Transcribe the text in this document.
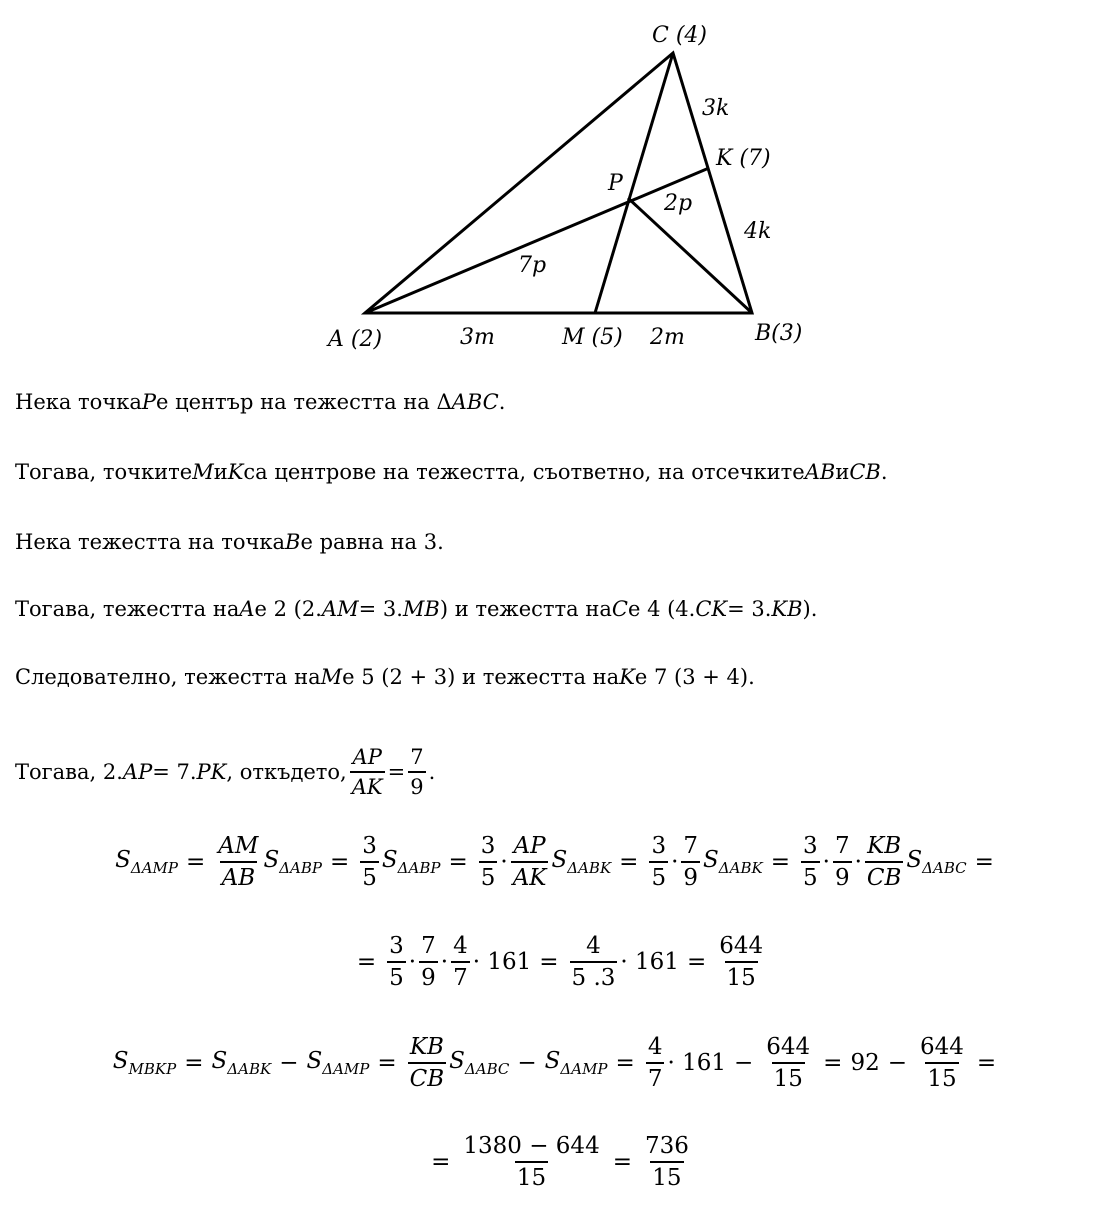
C (4)
3k
K (7)
P
2p
4k
7p
A (2)	3m	M (5) 2m	B(3)
Нека точка P е център на тежестта на Δ ABC .
Тогава, точките M и K са центрове на тежестта, съответно, на отсечките AB и CB .
Нека тежестта на точка B е равна на 3.
Тогава, тежестта на A е 2 (2. AM = 3. MB ) и тежестта на C е 4 (4. CK = 3. KB ).
Следователно, тежестта на M е 5 (2 + 3) и тежестта на K е 7 (3 + 4).
Тогава, 2. AP = 7. PK , откъдето, $\frac{AP}{AK} = \frac{7}{9}$ .
$S_{\Delta AMP} = \frac{AM}{AB} S_{\Delta ABP} = \frac{3}{5} S_{\Delta ABP} = \frac{3}{5} \cdot \frac{AP}{AK} S_{\Delta ABK} = \frac{3}{5} \cdot \frac{7}{9} S_{\Delta ABK} = \frac{3}{5} \cdot \frac{7}{9} \cdot \frac{KB}{CB} S_{\Delta ABC}$ =
= $\frac{3}{5} \cdot \frac{7}{9} \cdot \frac{4}{7} \cdot 161 = \frac{4}{5 .3} \cdot 161 = \frac{644}{15}$
$S_{MBKP} = S_{\Delta ABK} - S_{\Delta AMP} = \frac{KB}{CB} S_{\Delta ABC} - S_{\Delta AMP} = \frac{4}{7} \cdot 161 - \frac{644}{15} = 92 - \frac{644}{15}$ =
= $\frac{1380 - 644}{15} = \frac{736}{15}$
